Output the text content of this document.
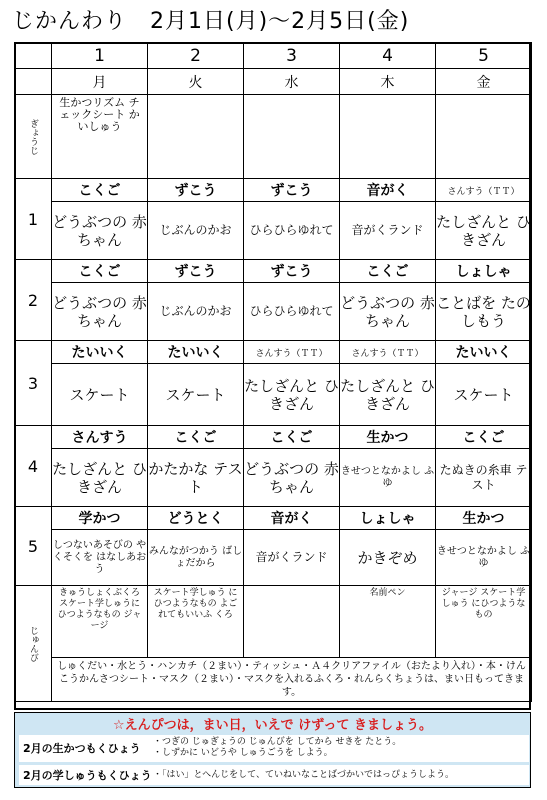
じかんわり　2月1日(月)～2月5日(金)
	1	2	3	4	5
	月	火	水	木	金

ぎょうじ	生かつリズム チェックシート かいしゅう				
1	こくご	ずこう	ずこう	音がく	さんすう（ＴＴ）
	どうぶつの 赤ちゃん	じぶんのかお	ひらひらゆれて	音がくランド	たしざんと ひきざん
2	こくご	ずこう	ずこう	こくご	しょしゃ
	どうぶつの 赤ちゃん	じぶんのかお	ひらひらゆれて	どうぶつの 赤ちゃん	ことばを たのしもう
3	たいいく	たいいく	さんすう（ＴＴ）	さんすう（ＴＴ）	たいいく
	スケート	スケート	たしざんと ひきざん	たしざんと ひきざん	スケート
4	さんすう	こくご	こくご	生かつ	こくご
	たしざんと ひきざん	かたかな テスト	どうぶつの 赤ちゃん	きせつとなかよし ふゆ	たぬきの糸車 テスト
5	学かつ	どうとく	音がく	しょしゃ	生かつ
	しつないあそびの やくそくを はなしあおう	みんながつかう ばしょだから	音がくランド	かきぞめ	きせつとなかよし ふゆ

じゅんび	きゅうしょくぶくろ スケート学しゅうに ひつようなもの ジャージ	スケート学しゅう にひつようなもの よごれてもいいふ くろ		名前ペン	ジャージ スケート学しゅう にひつようなもの
	しゅくだい・水とう・ハンカチ（２まい）・ティッシュ・Ａ４クリアファイル（おたより入れ）・本・けんこうかんさつシート・マスク（２まい）・マスクを入れるふくろ・れんらくちょうは、まい日もってきます。				
☆えんぴつは，まい日，いえで けずって きましょう。
2月の生かつもくひょう	・つぎの じゅぎょうの じゅんびを してから せきを たとう。
・しずかに いどうや しゅうごうを しよう。
2月の学しゅうもくひょう ・「はい」とへんじをして、ていねいなことばづかいではっぴょうしよう。
